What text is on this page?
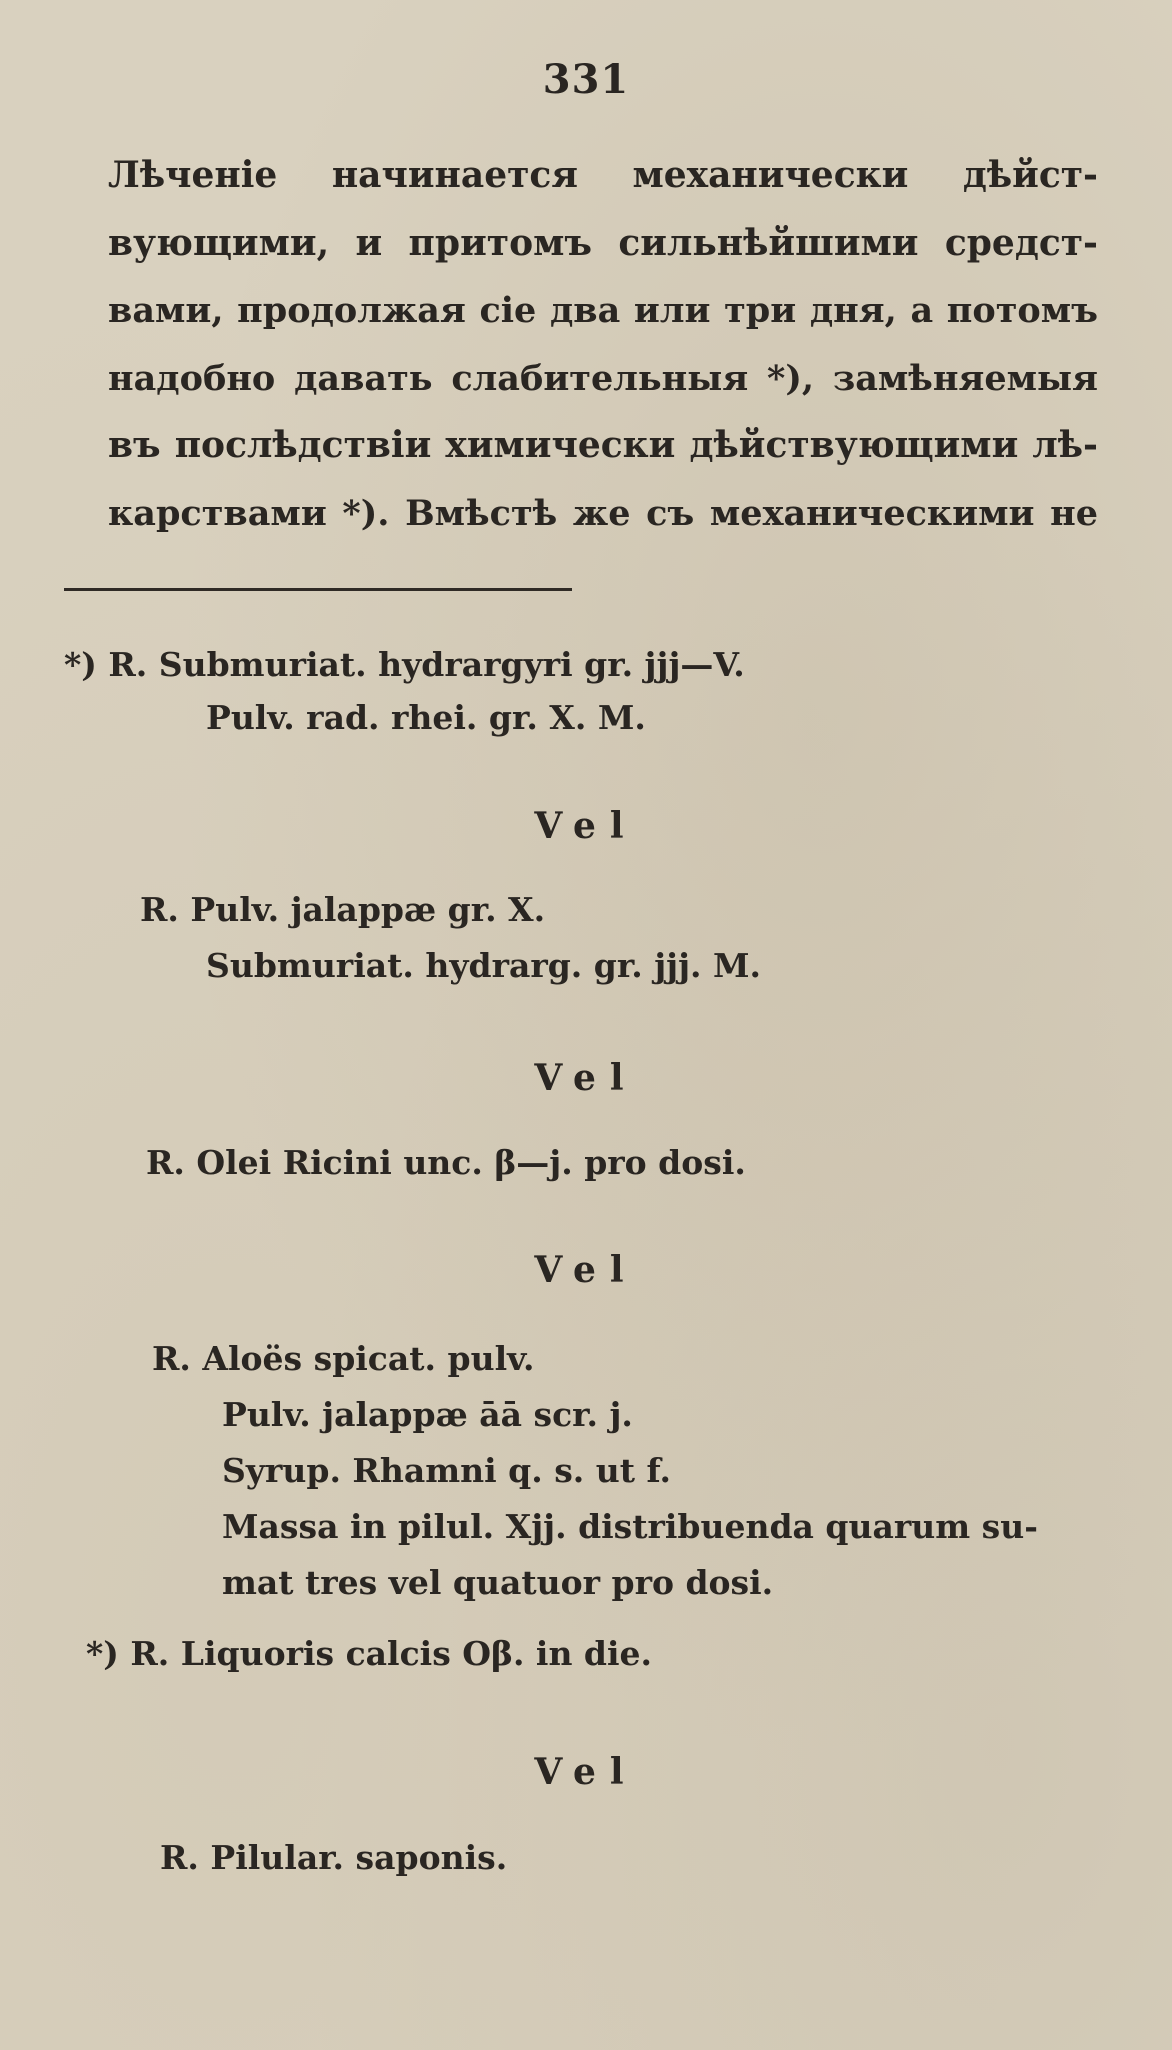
331
Лѣченіе начинается механически дѣйст-
вующими, и притомъ сильнѣйшими средст-
вами, продолжая сіе два или три дня, а потомъ
надобно давать слабительныя *), замѣняемыя
въ послѣдствіи химически дѣйствующими лѣ-
карствами *). Вмѣстѣ же съ механическими не
*) R. Submuriat. hydrargyri gr. jjj—V.
Pulv. rad. rhei. gr. X. M.
Vel
R. Pulv. jalappæ gr. X.
Submuriat. hydrarg. gr. jjj. M.
Vel
R. Olei Ricini unc. β—j. pro dosi.
Vel
R. Aloës spicat. pulv.
Pulv. jalappæ āā scr. j.
Syrup. Rhamni q. s. ut f.
Massa in pilul. Xjj. distribuenda quarum su-
mat tres vel quatuor pro dosi.
*) R. Liquoris calcis Oβ. in die.
Vel
R. Pilular. saponis.
